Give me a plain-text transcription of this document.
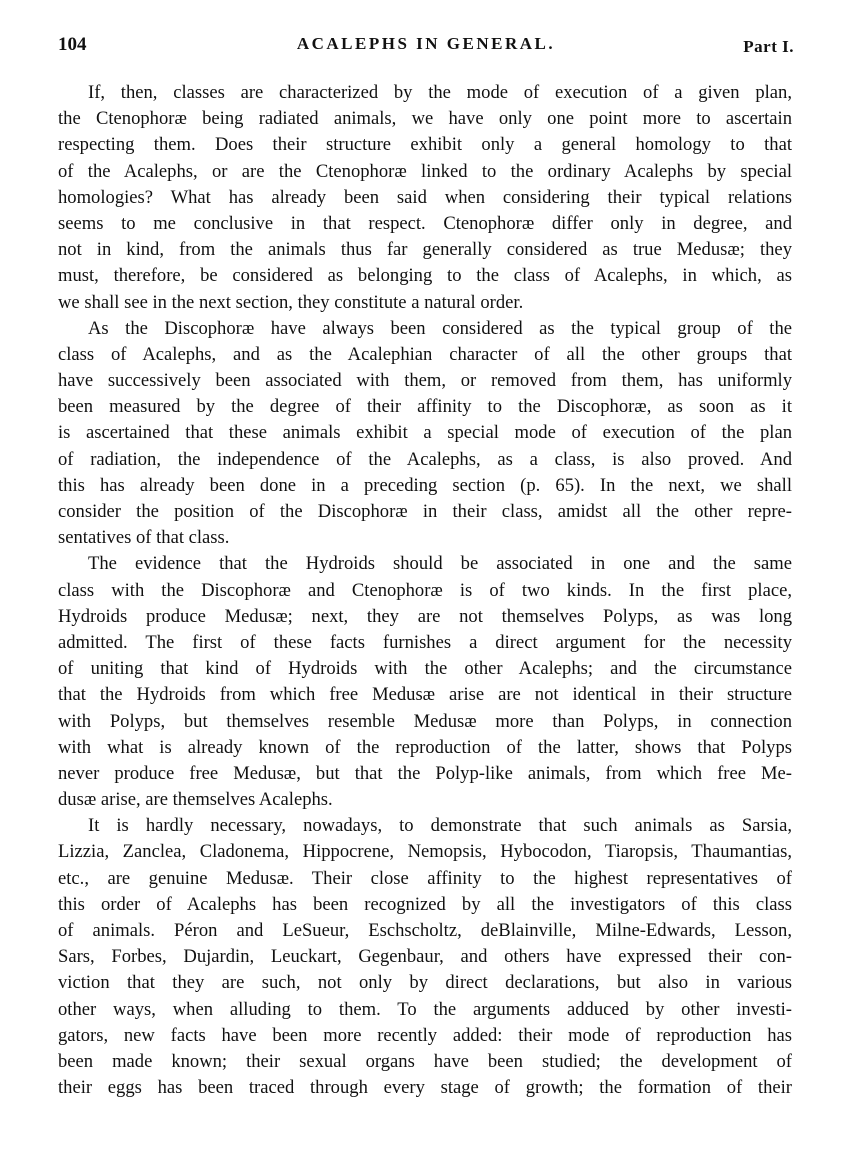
104	ACALEPHS IN GENERAL.	Part I.
If, then, classes are characterized by the mode of execution of a given plan,
the Ctenophoræ being radiated animals, we have only one point more to ascertain
respecting them. Does their structure exhibit only a general homology to that
of the Acalephs, or are the Ctenophoræ linked to the ordinary Acalephs by special
homologies? What has already been said when considering their typical relations
seems to me conclusive in that respect. Ctenophoræ differ only in degree, and
not in kind, from the animals thus far generally considered as true Medusæ; they
must, therefore, be considered as belonging to the class of Acalephs, in which, as
we shall see in the next section, they constitute a natural order.
As the Discophoræ have always been considered as the typical group of the
class of Acalephs, and as the Acalephian character of all the other groups that
have successively been associated with them, or removed from them, has uniformly
been measured by the degree of their affinity to the Discophoræ, as soon as it
is ascertained that these animals exhibit a special mode of execution of the plan
of radiation, the independence of the Acalephs, as a class, is also proved. And
this has already been done in a preceding section (p. 65). In the next, we shall
consider the position of the Discophoræ in their class, amidst all the other repre-
sentatives of that class.
The evidence that the Hydroids should be associated in one and the same
class with the Discophoræ and Ctenophoræ is of two kinds. In the first place,
Hydroids produce Medusæ; next, they are not themselves Polyps, as was long
admitted. The first of these facts furnishes a direct argument for the necessity
of uniting that kind of Hydroids with the other Acalephs; and the circumstance
that the Hydroids from which free Medusæ arise are not identical in their structure
with Polyps, but themselves resemble Medusæ more than Polyps, in connection
with what is already known of the reproduction of the latter, shows that Polyps
never produce free Medusæ, but that the Polyp-like animals, from which free Me-
dusæ arise, are themselves Acalephs.
It is hardly necessary, nowadays, to demonstrate that such animals as Sarsia,
Lizzia, Zanclea, Cladonema, Hippocrene, Nemopsis, Hybocodon, Tiaropsis, Thaumantias,
etc., are genuine Medusæ. Their close affinity to the highest representatives of
this order of Acalephs has been recognized by all the investigators of this class
of animals. Péron and LeSueur, Eschscholtz, deBlainville, Milne-Edwards, Lesson,
Sars, Forbes, Dujardin, Leuckart, Gegenbaur, and others have expressed their con-
viction that they are such, not only by direct declarations, but also in various
other ways, when alluding to them. To the arguments adduced by other investi-
gators, new facts have been more recently added: their mode of reproduction has
been made known; their sexual organs have been studied; the development of
their eggs has been traced through every stage of growth; the formation of their
